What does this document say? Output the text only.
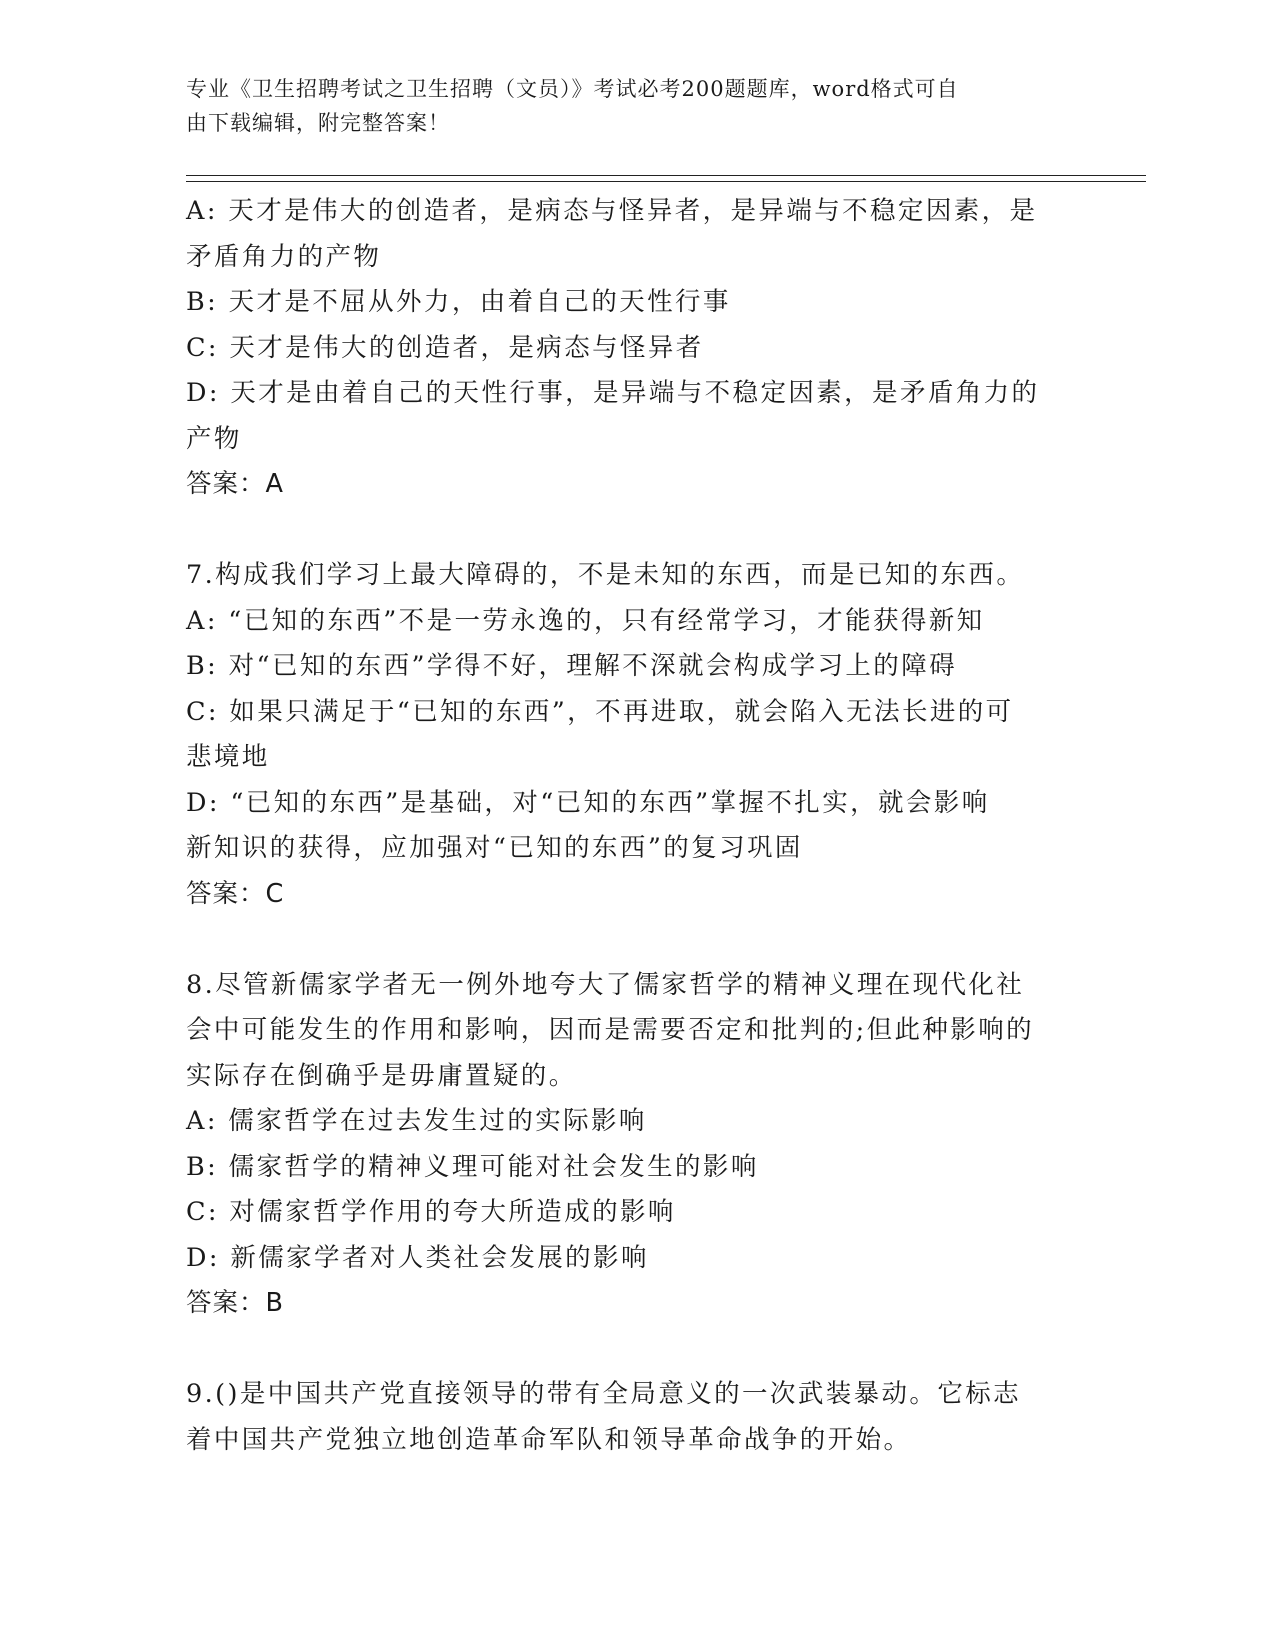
专业《卫生招聘考试之卫生招聘（文员）》考试必考200题题库，word格式可自
由下载编辑，附完整答案！
A: 天才是伟大的创造者，是病态与怪异者，是异端与不稳定因素，是
矛盾角力的产物
B: 天才是不屈从外力，由着自己的天性行事
C: 天才是伟大的创造者，是病态与怪异者
D: 天才是由着自己的天性行事，是异端与不稳定因素，是矛盾角力的
产物
答案：A
7.构成我们学习上最大障碍的，不是未知的东西，而是已知的东西。
A: “已知的东西”不是一劳永逸的，只有经常学习，才能获得新知
B: 对“已知的东西”学得不好，理解不深就会构成学习上的障碍
C: 如果只满足于“已知的东西”，不再进取，就会陷入无法长进的可
悲境地
D: “已知的东西”是基础，对“已知的东西”掌握不扎实，就会影响
新知识的获得，应加强对“已知的东西”的复习巩固
答案：C
8.尽管新儒家学者无一例外地夸大了儒家哲学的精神义理在现代化社
会中可能发生的作用和影响，因而是需要否定和批判的;但此种影响的
实际存在倒确乎是毋庸置疑的。
A: 儒家哲学在过去发生过的实际影响
B: 儒家哲学的精神义理可能对社会发生的影响
C: 对儒家哲学作用的夸大所造成的影响
D: 新儒家学者对人类社会发展的影响
答案：B
9.()是中国共产党直接领导的带有全局意义的一次武装暴动。它标志
着中国共产党独立地创造革命军队和领导革命战争的开始。
